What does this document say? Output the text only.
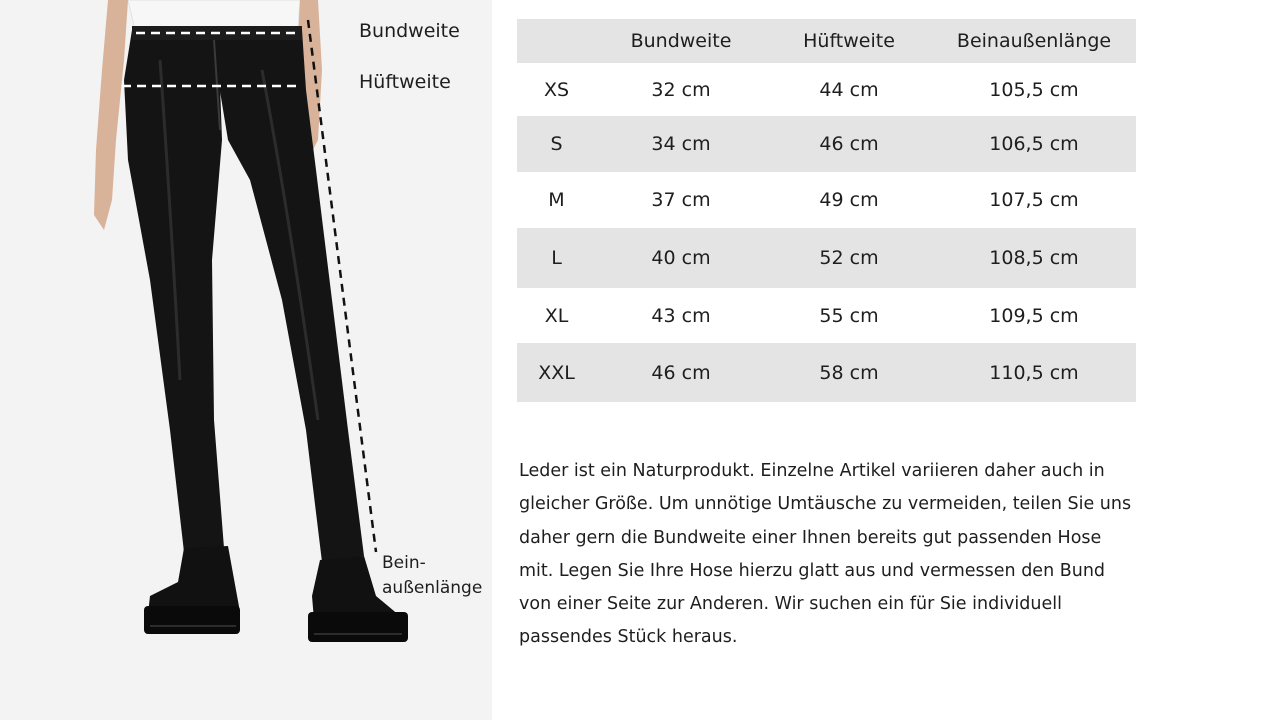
Bundweite
Hüftweite
Bein-
außenlänge
	Bundweite	Hüftweite	Beinaußenlänge
XS	32 cm	44 cm	105,5 cm
S	34 cm	46 cm	106,5 cm
M	37 cm	49 cm	107,5 cm
L	40 cm	52 cm	108,5 cm
XL	43 cm	55 cm	109,5 cm
XXL	46 cm	58 cm	110,5 cm

Leder ist ein Naturprodukt. Einzelne Artikel variieren daher auch in gleicher Größe. Um unnötige Umtäusche zu vermeiden, teilen Sie uns daher gern die Bundweite einer Ihnen bereits gut passenden Hose mit. Legen Sie Ihre Hose hierzu glatt aus und vermessen den Bund von einer Seite zur Anderen. Wir suchen ein für Sie individuell passendes Stück heraus.
